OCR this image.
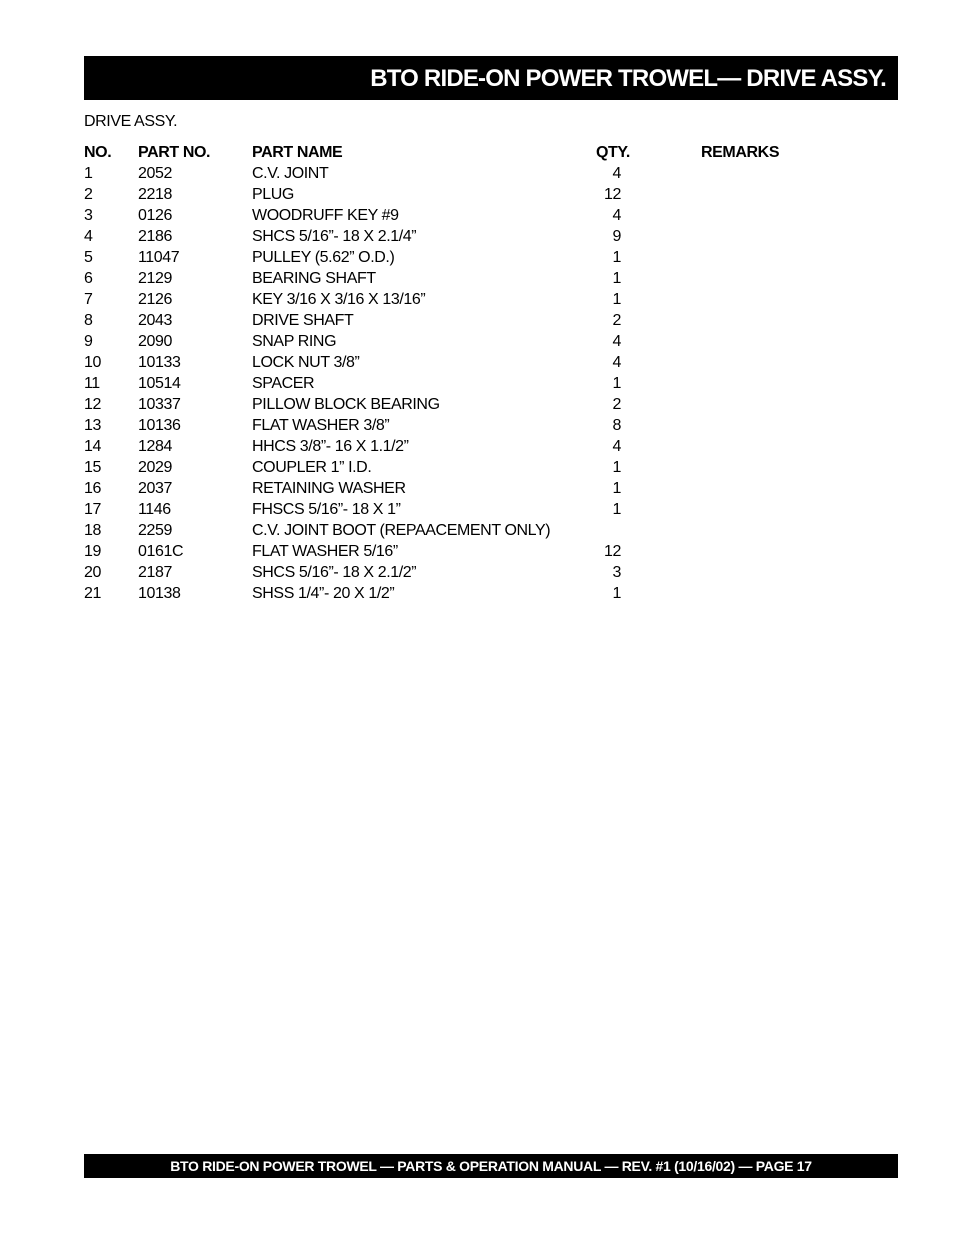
BTO RIDE-ON POWER TROWEL— DRIVE ASSY.
DRIVE ASSY.
NO. PART NO.	PART NAME	QTY.	REMARKS
1	2052	C.V. JOINT	4
2	2218	PLUG	12
3	0126	WOODRUFF KEY #9	4
4	2186	SHCS 5/16”- 18 X 2.1/4”	9
5	11047	PULLEY (5.62” O.D.)	1
6	2129	BEARING SHAFT	1
7	2126	KEY 3/16 X 3/16 X 13/16”	1
8	2043	DRIVE SHAFT	2
9	2090	SNAP RING	4
10 10133	LOCK NUT 3/8”	4
11 10514	SPACER	1
12 10337	PILLOW BLOCK BEARING	2
13 10136	FLAT WASHER 3/8”	8
14 1284	HHCS 3/8”- 16 X 1.1/2”	4
15 2029	COUPLER 1” I.D.	1
16 2037	RETAINING WASHER	1
17 1146	FHSCS 5/16”- 18 X 1”	1
18 2259	C.V. JOINT BOOT (REPAACEMENT ONLY)
19 0161C	FLAT WASHER 5/16”	12
20 2187	SHCS 5/16”- 18 X 2.1/2”	3
21 10138	SHSS 1/4”- 20 X 1/2”	1
BTO RIDE-ON POWER TROWEL — PARTS & OPERATION MANUAL — REV. #1 (10/16/02) — PAGE 17
